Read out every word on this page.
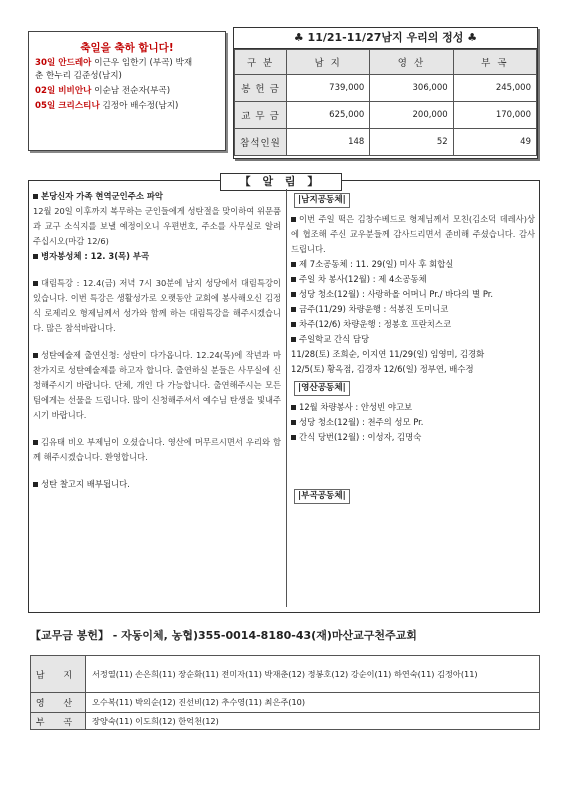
축일을 축하 합니다!
30일 안드레아 이근우 임한기 (부곡) 박재
춘 한누리 김준성(남지)
02일 비비안나 이순남 전순자(부곡)
05일 크리스티나 김정아 배수정(남지)
♣ 11/21-11/27남지 우리의 정성 ♣
구 분	남 지	영 산	부 곡
봉 헌 금	739,000	306,000	245,000
교 무 금	625,000	200,000	170,000
참석인원	148	52	49
【 알 림 】

본당신자 가족 현역군인주소 파악

12월 20일 이후까지 복무하는 군인들에게 성탄절을 맞이하여 위문품과 교구 소식지를 보낼 예정이오니 우편번호, 주소를 사무실로 알려 주십시오(마감 12/6)

병자봉성체 : 12. 3(목) 부곡

대림특강 : 12.4(금) 저녁 7시 30분에 남지 성당에서 대림특강이 있습니다. 이번 특강은 생활성가로 오랫동안 교회에 봉사해오신 김정식 로제리오 형제님께서 성가와 함께 하는 대림특강을 해주시겠습니다. 많은 참석바랍니다.

성탄예술제 출연신청: 성탄이 다가옵니다. 12.24(목)에 작년과 마찬가지로 성탄예술제를 하고자 합니다. 출연하실 분들은 사무실에 신청해주시기 바랍니다. 단체, 개인 다 가능합니다. 출연해주시는 모든 팀에게는 선물을 드립니다. 많이 신청해주셔서 예수님 탄생을 빛내주시기 바랍니다.

김유태 비오 부제님이 오셨습니다. 영산에 머무르시면서 우리와 함께 해주시겠습니다. 환영합니다.

성탄 찰고지 배부됩니다.

|남지공동체|

이번 주일 떡은 김창수베드로 형제님께서 모친(김소덕 데레사)상에 협조해 주신 교우분들께 감사드리면서 준비해 주셨습니다. 감사드립니다.

제 7소공동체 : 11. 29(일) 미사 후 회합실

주일 차 봉사(12월) : 제 4소공동체

성당 청소(12월) : 사랑하올 어머니 Pr./ 바다의 별 Pr.

금주(11/29) 차량운행 : 석봉진 도미니코

차주(12/6) 차량운행 : 정봉호 프란치스코

주일학교 간식 담당

11/28(토) 조희순, 이지연 11/29(일) 임영미, 김경화

12/5(토) 황옥점, 김경자 12/6(일) 정부연, 배수정

|영산공동체|

12월 차량봉사 : 안성빈 야고보

성당 청소(12월) : 천주의 성모 Pr.

간식 당번(12월) : 이성자, 김명숙

|부곡공동체|
【교무금 봉헌】 - 자동이체, 농협)355-0014-8180-43(재)마산교구천주교회
남 지	서정열(11) 손은희(11) 장순화(11) 전미자(11) 박재춘(12) 정봉호(12) 강순이(11) 하연숙(11) 김정아(11)
영 산	오수복(11) 박의순(12) 진선비(12) 추수영(11) 최은주(10)
부 곡	장양숙(11) 이도희(12) 한억천(12)
